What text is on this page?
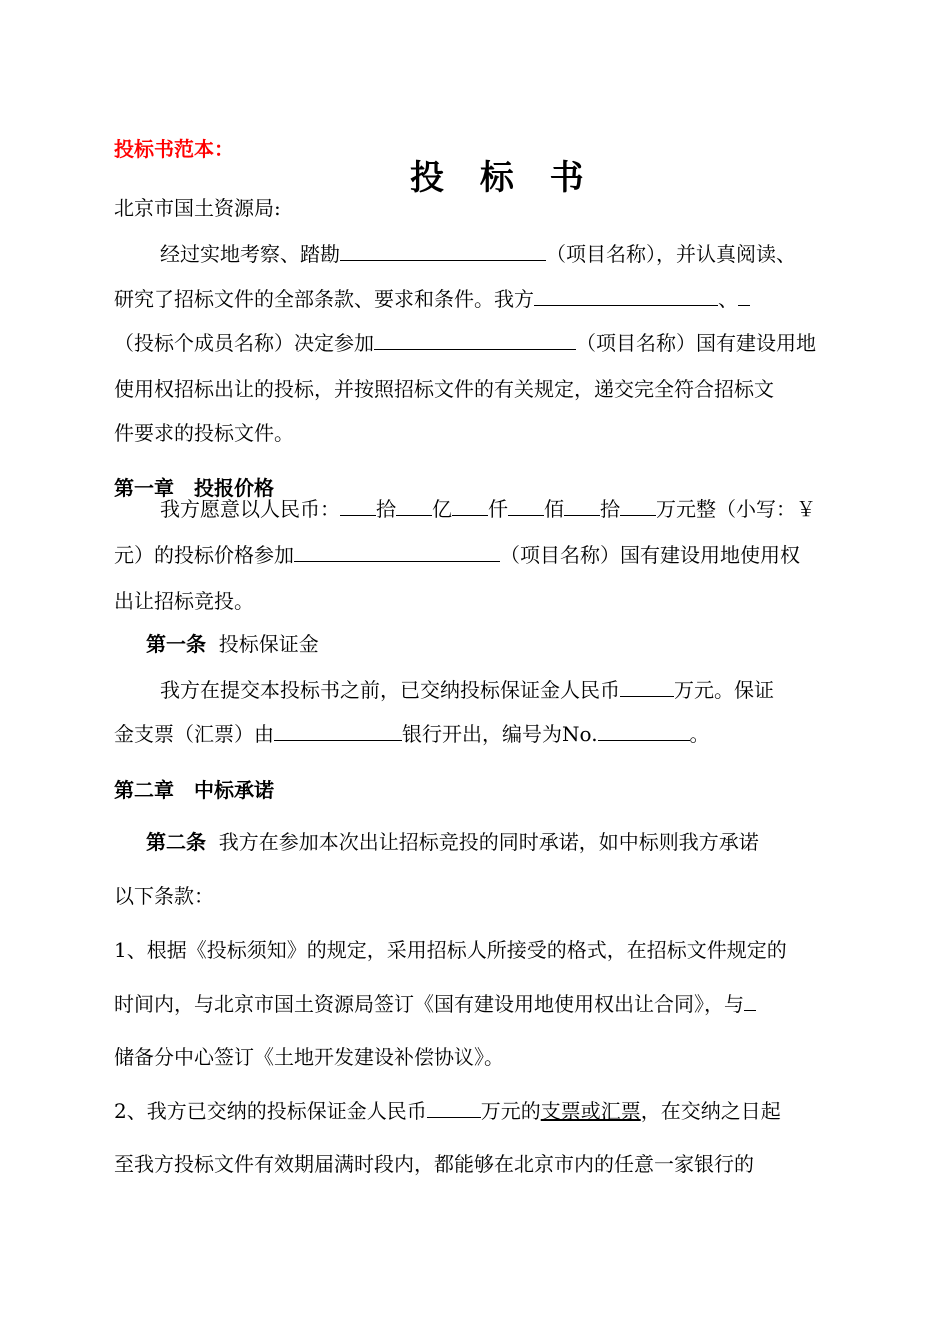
投标书范本：
投 标 书
北京市国土资源局:
经过实地考察、踏勘	（项目名称），并认真阅读、
研究了招标文件的全部条款、要求和条件。我方	、
（投标个成员名称）决定参加	（项目名称）国有建设用地
使用权招标出让的投标，并按照招标文件的有关规定，递交完全符合招标文
件要求的投标文件。
第一章　投报价格
我方愿意以人民币： 拾 亿 仟 佰 拾 万元整（小写：￥
元）的投标价格参加	（项目名称）国有建设用地使用权
出让招标竞投。
第一条 投标保证金
我方在提交本投标书之前，已交纳投标保证金人民币	万元。保证
金支票（汇票）由	银行开出，编号为No.	。
第二章　中标承诺
第二条 我方在参加本次出让招标竞投的同时承诺，如中标则我方承诺
以下条款：
1、根据《投标须知》的规定，采用招标人所接受的格式，在招标文件规定的
时间内，与北京市国土资源局签订《国有建设用地使用权出让合同》，与
储备分中心签订《土地开发建设补偿协议》。
2、我方已交纳的投标保证金人民币	万元的支票或汇票，在交纳之日起
至我方投标文件有效期届满时段内，都能够在北京市内的任意一家银行的
